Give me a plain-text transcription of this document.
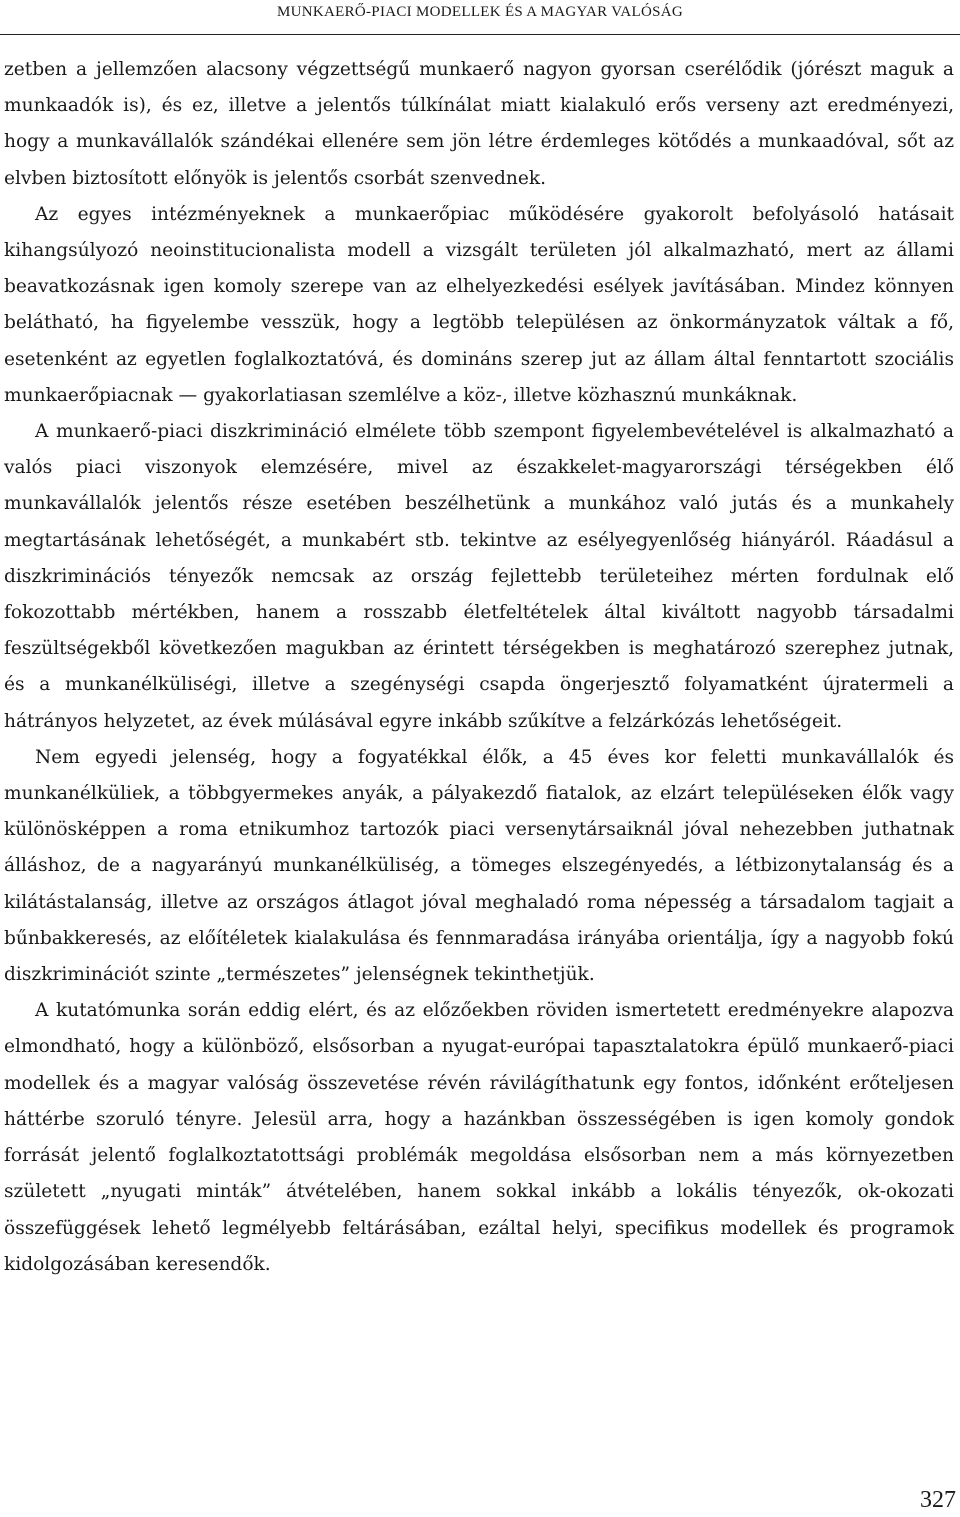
MUNKAERŐ-PIACI MODELLEK ÉS A MAGYAR VALÓSÁG

zetben a jellemzően alacsony végzettségű munkaerő nagyon gyorsan cserélődik (jórészt maguk a munkaadók is), és ez, illetve a jelentős túlkínálat miatt kialakuló erős verseny azt eredményezi, hogy a munkavállalók szándékai ellenére sem jön létre érdemleges kötődés a munkaadóval, sőt az elvben biztosított előnyök is jelentős csorbát szenvednek.

Az egyes intézményeknek a munkaerőpiac működésére gyakorolt befolyásoló hatásait kihangsúlyozó neoinstitucionalista modell a vizsgált területen jól alkalmazható, mert az állami beavatkozásnak igen komoly szerepe van az elhelyezkedési esélyek javításában. Mindez könnyen belátható, ha figyelembe vesszük, hogy a legtöbb településen az önkormányzatok váltak a fő, esetenként az egyetlen foglalkoztatóvá, és domináns szerep jut az állam által fenntartott szociális munkaerőpiacnak — gyakorlatiasan szemlélve a köz-, illetve közhasznú munkáknak.

A munkaerő-piaci diszkrimináció elmélete több szempont figyelembevételével is alkalmazható a valós piaci viszonyok elemzésére, mivel az északkelet-magyarországi térségekben élő munkavállalók jelentős része esetében beszélhetünk a munkához való jutás és a munkahely megtartásának lehetőségét, a munkabért stb. tekintve az esélyegyenlőség hiányáról. Ráadásul a diszkriminációs tényezők nemcsak az ország fejlettebb területeihez mérten fordulnak elő fokozottabb mértékben, hanem a rosszabb életfeltételek által kiváltott nagyobb társadalmi feszültségekből következően magukban az érintett térségekben is meghatározó szerephez jutnak, és a munkanélküliségi, illetve a szegénységi csapda öngerjesztő folyamatként újratermeli a hátrányos helyzetet, az évek múlásával egyre inkább szűkítve a felzárkózás lehetőségeit.

Nem egyedi jelenség, hogy a fogyatékkal élők, a 45 éves kor feletti munkavállalók és munkanélküliek, a többgyermekes anyák, a pályakezdő fiatalok, az elzárt településeken élők vagy különösképpen a roma etnikumhoz tartozók piaci versenytársaiknál jóval nehezebben juthatnak álláshoz, de a nagyarányú munkanélküliség, a tömeges elszegényedés, a létbizonytalanság és a kilátástalanság, illetve az országos átlagot jóval meghaladó roma népesség a társadalom tagjait a bűnbakkeresés, az előítéletek kialakulása és fennmaradása irányába orientálja, így a nagyobb fokú diszkriminációt szinte „természetes” jelenségnek tekinthetjük.

A kutatómunka során eddig elért, és az előzőekben röviden ismertetett eredményekre alapozva elmondható, hogy a különböző, elsősorban a nyugat-európai tapasztalatokra épülő munkaerő-piaci modellek és a magyar valóság összevetése révén rávilágíthatunk egy fontos, időnként erőteljesen háttérbe szoruló tényre. Jelesül arra, hogy a hazánkban összességében is igen komoly gondok forrását jelentő foglalkoztatottsági problémák megoldása elsősorban nem a más környezetben született „nyugati minták” átvételében, hanem sokkal inkább a lokális tényezők, ok-okozati összefüggések lehető legmélyebb feltárásában, ezáltal helyi, specifikus modellek és programok kidolgozásában keresendők.

327
